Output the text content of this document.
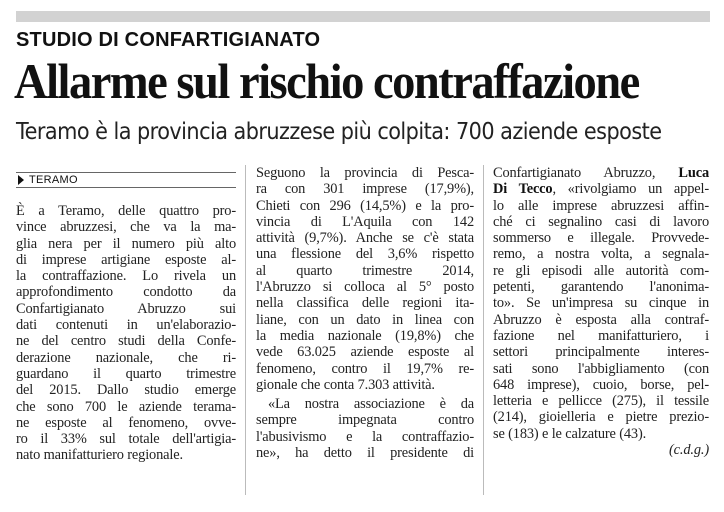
STUDIO DI CONFARTIGIANATO
Allarme sul rischio contraffazione
Teramo è la provincia abruzzese più colpita: 700 aziende esposte
TERAMO

È a Teramo, delle quattro pro-

vince abruzzesi, che va la ma-

glia nera per il numero più alto

di imprese artigiane esposte al-

la contraffazione. Lo rivela un

approfondimento condotto da

Confartigianato Abruzzo sui

dati contenuti in un'elaborazio-

ne del centro studi della Confe-

derazione nazionale, che ri-

guardano il quarto trimestre

del 2015. Dallo studio emerge

che sono 700 le aziende terama-

ne esposte al fenomeno, ovve-

ro il 33% sul totale dell'artigia-

nato manifatturiero regionale.

Seguono la provincia di Pesca-

ra con 301 imprese (17,9%),

Chieti con 296 (14,5%) e la pro-

vincia di L'Aquila con 142

attività (9,7%). Anche se c'è stata

una flessione del 3,6% rispetto

al quarto trimestre 2014,

l'Abruzzo si colloca al 5° posto

nella classifica delle regioni ita-

liane, con un dato in linea con

la media nazionale (19,8%) che

vede 63.025 aziende esposte al

fenomeno, contro il 19,7% re-

gionale che conta 7.303 attività.

«La nostra associazione è da

sempre impegnata contro

l'abusivismo e la contraffazio-

ne», ha detto il presidente di

Confartigianato Abruzzo, Luca

Di Tecco, «rivolgiamo un appel-

lo alle imprese abruzzesi affin-

ché ci segnalino casi di lavoro

sommerso e illegale. Provvede-

remo, a nostra volta, a segnala-

re gli episodi alle autorità com-

petenti, garantendo l'anonima-

to». Se un'impresa su cinque in

Abruzzo è esposta alla contraf-

fazione nel manifatturiero, i

settori principalmente interes-

sati sono l'abbigliamento (con

648 imprese), cuoio, borse, pel-

letteria e pellicce (275), il tessile

(214), gioielleria e pietre prezio-

se (183) e le calzature (43).

(c.d.g.)
